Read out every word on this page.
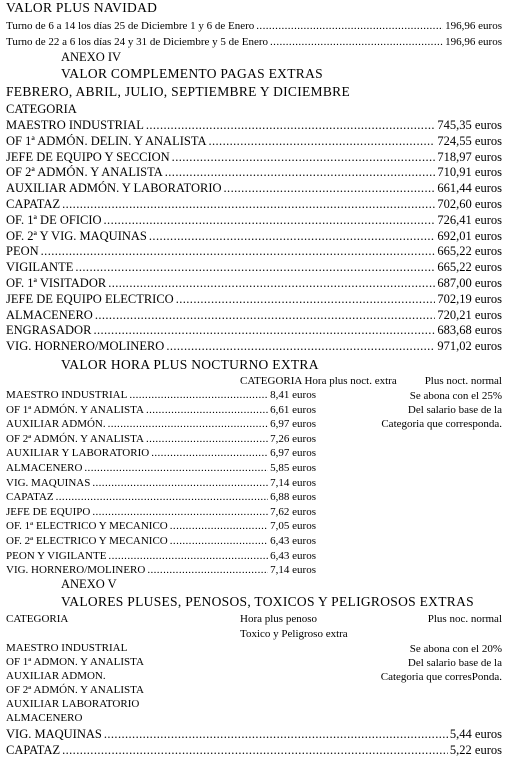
VALOR PLUS NAVIDAD
Turno de 6 a 14 los días 25 de Diciembre 1 y 6 de Enero .....	196,96 euros
Turno de 22 a 6 los días 24 y 31 de Diciembre y 5 de Enero .....	196,96 euros
ANEXO IV
VALOR COMPLEMENTO PAGAS EXTRAS
FEBRERO, ABRIL, JULIO, SEPTIEMBRE Y DICIEMBRE
CATEGORIA
MAESTRO INDUSTRIAL .....	745,35 euros
OF 1ª ADMÓN. DELIN. Y ANALISTA .....	724,55 euros
JEFE DE EQUIPO Y SECCION .....	718,97 euros
OF 2ª ADMÓN. Y ANALISTA .....	710,91 euros
AUXILIAR ADMÓN. Y LABORATORIO .....	661,44 euros
CAPATAZ .....	702,60 euros
OF. 1ª DE OFICIO .....	726,41 euros
OF. 2ª Y VIG. MAQUINAS .....	692,01 euros
PEON .....	665,22 euros
VIGILANTE .....	665,22 euros
OF. 1ª VISITADOR .....	687,00 euros
JEFE DE EQUIPO ELECTRICO .....	702,19 euros
ALMACENERO .....	720,21 euros
ENGRASADOR .....	683,68 euros
VIG. HORNERO/MOLINERO .....	971,02 euros
VALOR HORA PLUS NOCTURNO EXTRA
CATEGORIA Hora plus noct. extra	Plus noct. normal
Se abona con el 25%
Del salario base de la
Categoria que corresponda.
MAESTRO INDUSTRIAL .....	8,41 euros
OF 1ª ADMÓN. Y ANALISTA .....	6,61 euros
AUXILIAR ADMÓN. .....	6,97 euros
OF 2ª ADMÓN. Y ANALISTA .....	7,26 euros
AUXILIAR Y LABORATORIO .....	6,97 euros
ALMACENERO .....	5,85 euros
VIG. MAQUINAS .....	7,14 euros
CAPATAZ .....	6,88 euros
JEFE DE EQUIPO .....	7,62 euros
OF. 1ª ELECTRICO Y MECANICO .....	7,05 euros
OF. 2ª ELECTRICO Y MECANICO .....	6,43 euros
PEON Y VIGILANTE .....	6,43 euros
VIG. HORNERO/MOLINERO .....	7,14 euros
ANEXO V
VALORES PLUSES, PENOSOS, TOXICOS Y PELIGROSOS EXTRAS
CATEGORIA	Hora plus penoso	Plus noc. normal
Toxico y Peligroso extra
Se abona con el 20%
Del salario base de la
Categoria que corresPonda.
MAESTRO INDUSTRIAL
OF 1ª ADMON. Y ANALISTA
AUXILIAR ADMON.
OF 2ª ADMÓN. Y ANALISTA
AUXILIAR LABORATORIO
ALMACENERO
VIG. MAQUINAS .....	5,44 euros
CAPATAZ .....	5,22 euros
